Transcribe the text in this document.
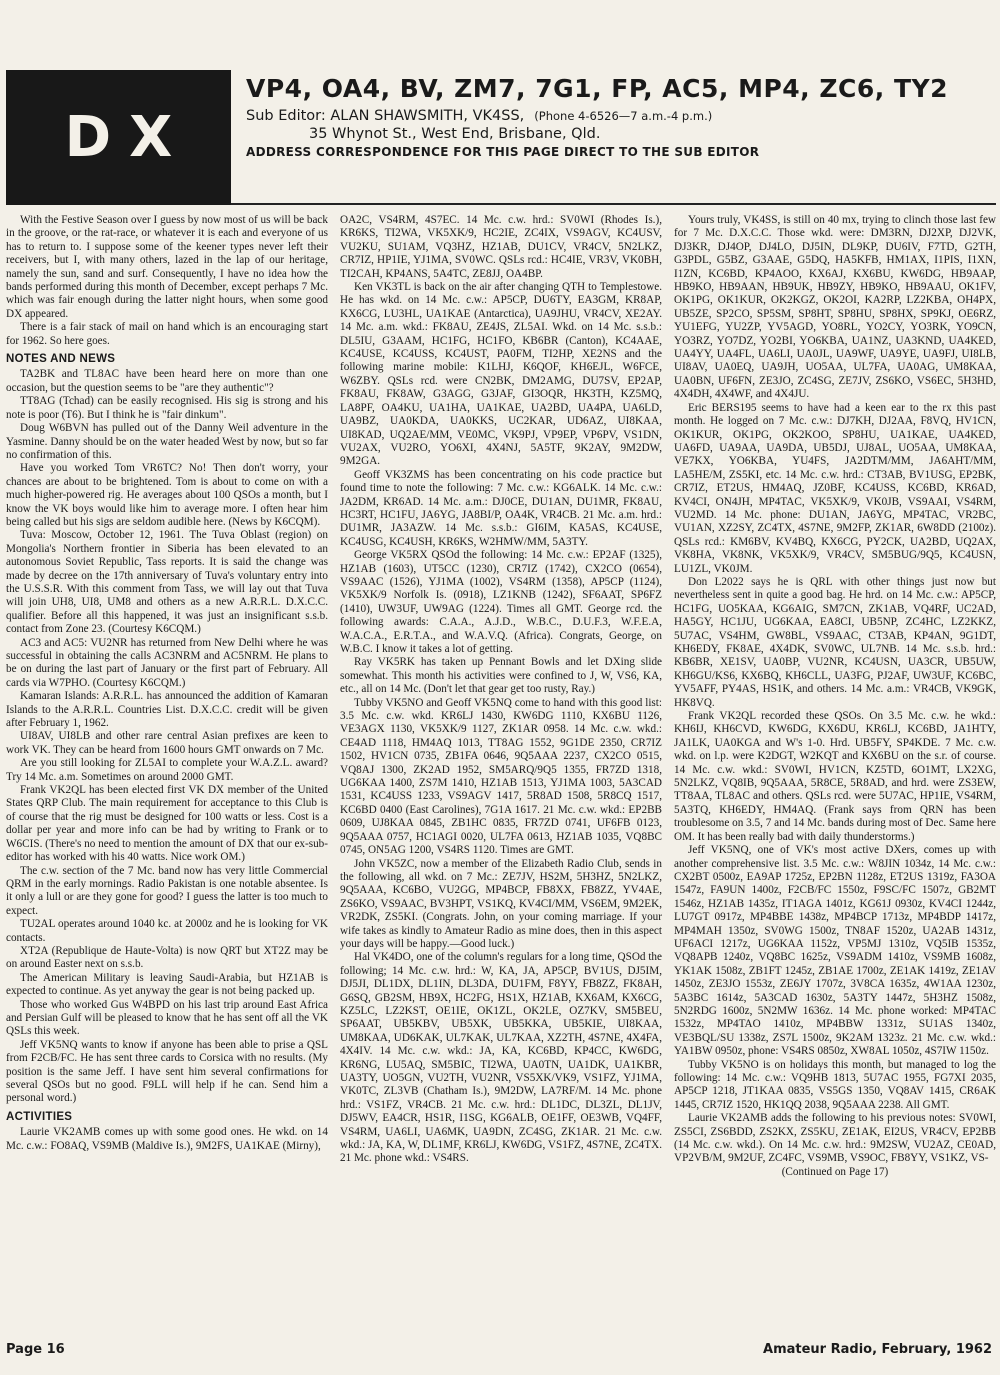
DX
VP4, OA4, BV, ZM7, 7G1, FP, AC5, MP4, ZC6, TY2
Sub Editor: ALAN SHAWSMITH, VK4SS, (Phone 4-6526—7 a.m.-4 p.m.)
35 Whynot St., West End, Brisbane, Qld.
ADDRESS CORRESPONDENCE FOR THIS PAGE DIRECT TO THE SUB EDITOR

With the Festive Season over I guess by now most of us will be back in the groove, or the rat-race, or whatever it is each and everyone of us has to return to. I suppose some of the keener types never left their receivers, but I, with many others, lazed in the lap of our heritage, namely the sun, sand and surf. Consequently, I have no idea how the bands performed during this month of December, except perhaps 7 Mc. which was fair enough during the latter night hours, when some good DX appeared.

There is a fair stack of mail on hand which is an encouraging start for 1962. So here goes.

NOTES AND NEWS

TA2BK and TL8AC have been heard here on more than one occasion, but the question seems to be "are they authentic"?

TT8AG (Tchad) can be easily recognised. His sig is strong and his note is poor (T6). But I think he is "fair dinkum".

Doug W6BVN has pulled out of the Danny Weil adventure in the Yasmine. Danny should be on the water headed West by now, but so far no confirmation of this.

Have you worked Tom VR6TC? No! Then don't worry, your chances are about to be brightened. Tom is about to come on with a much higher-powered rig. He averages about 100 QSOs a month, but I know the VK boys would like him to average more. I often hear him being called but his sigs are seldom audible here. (News by K6CQM).

Tuva: Moscow, October 12, 1961. The Tuva Oblast (region) on Mongolia's Northern frontier in Siberia has been elevated to an autonomous Soviet Republic, Tass reports. It is said the change was made by decree on the 17th anniversary of Tuva's voluntary entry into the U.S.S.R. With this comment from Tass, we will lay out that Tuva will join UH8, UI8, UM8 and others as a new A.R.R.L. D.X.C.C. qualifier. Before all this happened, it was just an insignificant s.s.b. contact from Zone 23. (Courtesy K6CQM.)

AC3 and AC5: VU2NR has returned from New Delhi where he was successful in obtaining the calls AC3NRM and AC5NRM. He plans to be on during the last part of January or the first part of February. All cards via W7PHO. (Courtesy K6CQM.)

Kamaran Islands: A.R.R.L. has announced the addition of Kamaran Islands to the A.R.R.L. Countries List. D.X.C.C. credit will be given after February 1, 1962.

UI8AV, UI8LB and other rare central Asian prefixes are keen to work VK. They can be heard from 1600 hours GMT onwards on 7 Mc.

Are you still looking for ZL5AI to complete your W.A.Z.L. award? Try 14 Mc. a.m. Sometimes on around 2000 GMT.

Frank VK2QL has been elected first VK DX member of the United States QRP Club. The main requirement for acceptance to this Club is of course that the rig must be designed for 100 watts or less. Cost is a dollar per year and more info can be had by writing to Frank or to W6CIS. (There's no need to mention the amount of DX that our ex-sub-editor has worked with his 40 watts. Nice work OM.)

The c.w. section of the 7 Mc. band now has very little Commercial QRM in the early mornings. Radio Pakistan is one notable absentee. Is it only a lull or are they gone for good? I guess the latter is too much to expect.

TU2AL operates around 1040 kc. at 2000z and he is looking for VK contacts.

XT2A (Republique de Haute-Volta) is now QRT but XT2Z may be on around Easter next on s.s.b.

The American Military is leaving Saudi-Arabia, but HZ1AB is expected to continue. As yet anyway the gear is not being packed up.

Those who worked Gus W4BPD on his last trip around East Africa and Persian Gulf will be pleased to know that he has sent off all the VK QSLs this week.

Jeff VK5NQ wants to know if anyone has been able to prise a QSL from F2CB/FC. He has sent three cards to Corsica with no results. (My position is the same Jeff. I have sent him several confirmations for several QSOs but no good. F9LL will help if he can. Send him a personal word.)

ACTIVITIES

Laurie VK2AMB comes up with some good ones. He wkd. on 14 Mc. c.w.: FO8AQ, VS9MB (Maldive Is.), 9M2FS, UA1KAE (Mirny),

OA2C, VS4RM, 4S7EC. 14 Mc. c.w. hrd.: SV0WI (Rhodes Is.), KR6KS, TI2WA, VK5XK/9, HC2IE, ZC4IX, VS9AGV, KC4USV, VU2KU, SU1AM, VQ3HZ, HZ1AB, DU1CV, VR4CV, 5N2LKZ, CR7IZ, HP1IE, YJ1MA, SV0WC. QSLs rcd.: HC4IE, VR3V, VK0BH, TI2CAH, KP4ANS, 5A4TC, ZE8JJ, OA4BP.

Ken VK3TL is back on the air after changing QTH to Templestowe. He has wkd. on 14 Mc. c.w.: AP5CP, DU6TY, EA3GM, KR8AP, KX6CG, LU3HL, UA1KAE (Antarctica), UA9JHU, VR4CV, XE2AY. 14 Mc. a.m. wkd.: FK8AU, ZE4JS, ZL5AI. Wkd. on 14 Mc. s.s.b.: DL5IU, G3AAM, HC1FG, HC1FO, KB6BR (Canton), KC4AAE, KC4USE, KC4USS, KC4UST, PA0FM, TI2HP, XE2NS and the following marine mobile: K1LHJ, K6QOF, KH6EJL, W6FCE, W6ZBY. QSLs rcd. were CN2BK, DM2AMG, DU7SV, EP2AP, FK8AU, FK8AW, G3AGG, G3JAF, GI3OQR, HK3TH, KZ5MQ, LA8PF, OA4KU, UA1HA, UA1KAE, UA2BD, UA4PA, UA6LD, UA9BZ, UA0KDA, UA0KKS, UC2KAR, UD6AZ, UI8KAA, UI8KAD, UQ2AE/MM, VE0MC, VK9PJ, VP9EP, VP6PV, VS1DN, VU2AX, VU2RO, YO6XI, 4X4NJ, 5A5TF, 9K2AY, 9M2DW, 9M2GA.

Geoff VK3ZMS has been concentrating on his code practice but found time to note the following: 7 Mc. c.w.: KG6ALK. 14 Mc. c.w.: JA2DM, KR6AD. 14 Mc. a.m.: DJ0CE, DU1AN, DU1MR, FK8AU, HC3RT, HC1FU, JA6YG, JA8BI/P, OA4K, VR4CB. 21 Mc. a.m. hrd.: DU1MR, JA3AZW. 14 Mc. s.s.b.: GI6IM, KA5AS, KC4USE, KC4USG, KC4USH, KR6KS, W2HMW/MM, 5A3TY.

George VK5RX QSOd the following: 14 Mc. c.w.: EP2AF (1325), HZ1AB (1603), UT5CC (1230), CR7IZ (1742), CX2CO (0654), VS9AAC (1526), YJ1MA (1002), VS4RM (1358), AP5CP (1124), VK5XK/9 Norfolk Is. (0918), LZ1KNB (1242), SF6AAT, SP6FZ (1410), UW3UF, UW9AG (1224). Times all GMT. George rcd. the following awards: C.A.A., A.J.D., W.B.C., D.U.F.3, W.F.E.A, W.A.C.A., E.R.T.A., and W.A.V.Q. (Africa). Congrats, George, on W.B.C. I know it takes a lot of getting.

Ray VK5RK has taken up Pennant Bowls and let DXing slide somewhat. This month his activities were confined to J, W, VS6, KA, etc., all on 14 Mc. (Don't let that gear get too rusty, Ray.)

Tubby VK5NO and Geoff VK5NQ come to hand with this good list: 3.5 Mc. c.w. wkd. KR6LJ 1430, KW6DG 1110, KX6BU 1126, VE3AGX 1130, VK5XK/9 1127, ZK1AR 0958. 14 Mc. c.w. wkd.: CE4AD 1118, HM4AQ 1013, TT8AG 1552, 9G1DE 2350, CR7IZ 1502, HV1CN 0735, ZB1FA 0646, 9Q5AAA 2237, CX2CO 0515, VQ8AJ 1300, ZK2AD 1952, SM5ARQ/9Q5 1355, FR7ZD 1318, UG6KAA 1400, ZS7M 1410, HZ1AB 1513, YJ1MA 1003, 5A3CAD 1531, KC4USS 1233, VS9AGV 1417, 5R8AD 1508, 5R8CQ 1517, KC6BD 0400 (East Carolines), 7G1A 1617. 21 Mc. c.w. wkd.: EP2BB 0609, UJ8KAA 0845, ZB1HC 0835, FR7ZD 0741, UF6FB 0123, 9Q5AAA 0757, HC1AGI 0020, UL7FA 0613, HZ1AB 1035, VQ8BC 0745, ON5AG 1200, VS4RS 1120. Times are GMT.

John VK5ZC, now a member of the Elizabeth Radio Club, sends in the following, all wkd. on 7 Mc.: ZE7JV, HS2M, 5H3HZ, 5N2LKZ, 9Q5AAA, KC6BO, VU2GG, MP4BCP, FB8XX, FB8ZZ, YV4AE, ZS6KO, VS9AAC, BV3HPT, VS1KQ, KV4CI/MM, VS6EM, 9M2EK, VR2DK, ZS5KI. (Congrats. John, on your coming marriage. If your wife takes as kindly to Amateur Radio as mine does, then in this aspect your days will be happy.—Good luck.)

Hal VK4DO, one of the column's regulars for a long time, QSOd the following; 14 Mc. c.w. hrd.: W, KA, JA, AP5CP, BV1US, DJ5IM, DJ5JI, DL1DX, DL1IN, DL3DA, DU1FM, F8YY, FB8ZZ, FK8AH, G6SQ, GB2SM, HB9X, HC2FG, HS1X, HZ1AB, KX6AM, KX6CG, KZ5LC, LZ2KST, OE1IE, OK1ZL, OK2LE, OZ7KV, SM5BEU, SP6AAT, UB5KBV, UB5XK, UB5KKA, UB5KIE, UI8KAA, UM8KAA, UD6KAK, UL7KAK, UL7KAA, XZ2TH, 4S7NE, 4X4FA, 4X4IV. 14 Mc. c.w. wkd.: JA, KA, KC6BD, KP4CC, KW6DG, KR6NG, LU5AQ, SM5BIC, TI2WA, UA0TN, UA1DK, UA1KBR, UA3TY, UO5GN, VU2TH, VU2NR, VS5XK/VK9, VS1FZ, YJ1MA, VK0TC, ZL3VB (Chatham Is.), 9M2DW, LA7RF/M. 14 Mc. phone hrd.: VS1FZ, VR4CB. 21 Mc. c.w. hrd.: DL1DC, DL3ZL, DL1JV, DJ5WV, EA4CR, HS1R, I1SG, KG6ALB, OE1FF, OE3WB, VQ4FF, VS4RM, UA6LI, UA6MK, UA9DN, ZC4SG, ZK1AR. 21 Mc. c.w. wkd.: JA, KA, W, DL1MF, KR6LJ, KW6DG, VS1FZ, 4S7NE, ZC4TX. 21 Mc. phone wkd.: VS4RS.

Yours truly, VK4SS, is still on 40 mx, trying to clinch those last few for 7 Mc. D.X.C.C. Those wkd. were: DM3RN, DJ2XP, DJ2VK, DJ3KR, DJ4OP, DJ4LO, DJ5IN, DL9KP, DU6IV, F7TD, G2TH, G3PDL, G5BZ, G3AAE, G5DQ, HA5KFB, HM1AX, I1PIS, I1XN, I1ZN, KC6BD, KP4AOO, KX6AJ, KX6BU, KW6DG, HB9AAP, HB9KO, HB9AAN, HB9UK, HB9ZY, HB9KO, HB9AAU, OK1FV, OK1PG, OK1KUR, OK2KGZ, OK2OI, KA2RP, LZ2KBA, OH4PX, UB5ZE, SP2CO, SP5SM, SP8HT, SP8HU, SP8HX, SP9KJ, OE6RZ, YU1EFG, YU2ZP, YV5AGD, YO8RL, YO2CY, YO3RK, YO9CN, YO3RZ, YO7DZ, YO2BI, YO6KBA, UA1NZ, UA3KND, UA4KED, UA4YY, UA4FL, UA6LI, UA0JL, UA9WF, UA9YE, UA9FJ, UI8LB, UI8AV, UA0EQ, UA9JH, UO5AA, UL7FA, UA0AG, UM8KAA, UA0BN, UF6FN, ZE3JO, ZC4SG, ZE7JV, ZS6KO, VS6EC, 5H3HD, 4X4DH, 4X4WF, and 4X4JU.

Eric BERS195 seems to have had a keen ear to the rx this past month. He logged on 7 Mc. c.w.: DJ7KH, DJ2AA, F8VQ, HV1CN, OK1KUR, OK1PG, OK2KOO, SP8HU, UA1KAE, UA4KED, UA6FD, UA9AA, UA9DA, UB5DJ, UJ8AL, UO5AA, UM8KAA, VE7KX, YO6KBA, YU4FS, JA2DTM/MM, JA6AHT/MM, LA5HE/M, ZS5KI, etc. 14 Mc. c.w. hrd.: CT3AB, BV1USG, EP2BK, CR7IZ, ET2US, HM4AQ, JZ0BF, KC4USS, KC6BD, KR6AD, KV4CI, ON4JH, MP4TAC, VK5XK/9, VK0JB, VS9AAI, VS4RM, VU2MD. 14 Mc. phone: DU1AN, JA6YG, MP4TAC, VR2BC, VU1AN, XZ2SY, ZC4TX, 4S7NE, 9M2FP, ZK1AR, 6W8DD (2100z). QSLs rcd.: KM6BV, KV4BQ, KX6CG, PY2CK, UA2BD, UQ2AX, VK8HA, VK8NK, VK5XK/9, VR4CV, SM5BUG/9Q5, KC4USN, LU1ZL, VK0JM.

Don L2022 says he is QRL with other things just now but nevertheless sent in quite a good bag. He hrd. on 14 Mc. c.w.: AP5CP, HC1FG, UO5KAA, KG6AIG, SM7CN, ZK1AB, VQ4RF, UC2AD, HA5GY, HC1JU, UG6KAA, EA8CI, UB5NP, ZC4HC, LZ2KKZ, 5U7AC, VS4HM, GW8BL, VS9AAC, CT3AB, KP4AN, 9G1DT, KH6EDY, FK8AE, 4X4DK, SV0WC, UL7NB. 14 Mc. s.s.b. hrd.: KB6BR, XE1SV, UA0BP, VU2NR, KC4USN, UA3CR, UB5UW, KH6GU/KS6, KX6BQ, KH6CLL, UA3FG, PJ2AF, UW3UF, KC6BC, YV5AFF, PY4AS, HS1K, and others. 14 Mc. a.m.: VR4CB, VK9GK, HK8VQ.

Frank VK2QL recorded these QSOs. On 3.5 Mc. c.w. he wkd.: KH6IJ, KH6CVD, KW6DG, KX6DU, KR6LJ, KC6BD, JA1HTY, JA1LK, UA0KGA and W's 1-0. Hrd. UB5FY, SP4KDE. 7 Mc. c.w. wkd. on l.p. were K2DGT, W2KQT and KX6BU on the s.r. of course. 14 Mc. c.w. wkd.: SV0WI, HV1CN, KZ5TD, 6O1MT, LX2XG, 5N2LKZ, VQ8IB, 9Q5AAA, 5R8CE, 5R8AD, and hrd. were ZS3EW, TT8AA, TL8AC and others. QSLs rcd. were 5U7AC, HP1IE, VS4RM, 5A3TQ, KH6EDY, HM4AQ. (Frank says from QRN has been troublesome on 3.5, 7 and 14 Mc. bands during most of Dec. Same here OM. It has been really bad with daily thunderstorms.)

Jeff VK5NQ, one of VK's most active DXers, comes up with another comprehensive list. 3.5 Mc. c.w.: W8JIN 1034z, 14 Mc. c.w.: CX2BT 0500z, EA9AP 1725z, EP2BN 1128z, ET2US 1319z, FA3OA 1547z, FA9UN 1400z, F2CB/FC 1550z, F9SC/FC 1507z, GB2MT 1546z, HZ1AB 1435z, IT1AGA 1401z, KG61J 0930z, KV4CI 1244z, LU7GT 0917z, MP4BBE 1438z, MP4BCP 1713z, MP4BDP 1417z, MP4MAH 1350z, SV0WG 1500z, TN8AF 1520z, UA2AB 1431z, UF6ACI 1217z, UG6KAA 1152z, VP5MJ 1310z, VQ5IB 1535z, VQ8APB 1240z, VQ8BC 1625z, VS9ADM 1410z, VS9MB 1608z, YK1AK 1508z, ZB1FT 1245z, ZB1AE 1700z, ZE1AK 1419z, ZE1AV 1450z, ZE3JO 1553z, ZE6JY 1707z, 3V8CA 1635z, 4W1AA 1230z, 5A3BC 1614z, 5A3CAD 1630z, 5A3TY 1447z, 5H3HZ 1508z, 5N2RDG 1600z, 5N2MW 1636z. 14 Mc. phone worked: MP4TAC 1532z, MP4TAO 1410z, MP4BBW 1331z, SU1AS 1340z, VE3BQL/SU 1338z, ZS7L 1500z, 9K2AM 1323z. 21 Mc. c.w. wkd.: YA1BW 0950z, phone: VS4RS 0850z, XW8AL 1050z, 4S7IW 1150z.

Tubby VK5NO is on holidays this month, but managed to log the following: 14 Mc. c.w.: VQ9HB 1813, 5U7AC 1955, FG7XI 2035, AP5CP 1218, JT1KAA 0835, VS5GS 1350, VQ8AV 1415, CR6AK 1445, CR7IZ 1520, HK1QQ 2038, 9Q5AAA 2238. All GMT.

Laurie VK2AMB adds the following to his previous notes: SV0WI, ZS5CI, ZS6BDD, ZS2KX, ZS5KU, ZE1AK, EI2US, VR4CV, EP2BB (14 Mc. c.w. wkd.). On 14 Mc. c.w. hrd.: 9M2SW, VU2AZ, CE0AD, VP2VB/M, 9M2UF, ZC4FC, VS9MB, VS9OC, FB8YY, VS1KZ, VS-

(Continued on Page 17)

Page 16	Amateur Radio, February, 1962
